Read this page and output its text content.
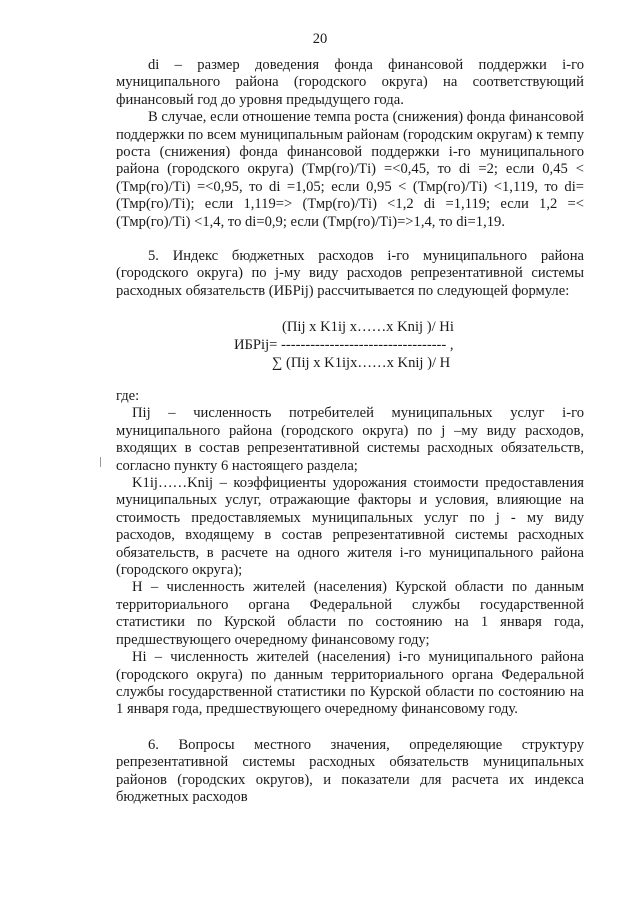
20

di – размер доведения фонда финансовой поддержки i-го муниципального района (городского округа) на соответствующий финансовый год до уровня предыдущего года.

В случае, если отношение темпа роста (снижения) фонда финансовой поддержки по всем муниципальным районам (городским округам) к темпу роста (снижения) фонда финансовой поддержки i-го муниципального района (городского округа) (Тмр(го)/Тi) =<0,45, то di =2; если 0,45 < (Тмр(го)/Тi) =<0,95, то di =1,05; если 0,95 < (Тмр(го)/Тi) <1,119, то di=(Тмр(го)/Тi); если 1,119=> (Тмр(го)/Тi) <1,2 di =1,119; если 1,2 =< (Тмр(го)/Тi) <1,4, то di=0,9; если (Тмр(го)/Тi)=>1,4, то di=1,19.

5. Индекс бюджетных расходов i-го муниципального района (городского округа) по j-му виду расходов репрезентативной системы расходных обязательств (ИБРij) рассчитывается по следующей формуле:

(Пij x K1ij x……x Knij )/ Hi
ИБРij= ---------------------------------- ,
∑ (Пij x K1ijx……x Knij )/ H

где:

Пij – численность потребителей муниципальных услуг i-го муниципального района (городского округа) по j –му виду расходов, входящих в состав репрезентативной системы расходных обязательств, согласно пункту 6 настоящего раздела;

K1ij……Knij – коэффициенты удорожания стоимости предоставления муниципальных услуг, отражающие факторы и условия, влияющие на стоимость предоставляемых муниципальных услуг по j - му виду расходов, входящему в состав репрезентативной системы расходных обязательств, в расчете на одного жителя i-го муниципального района (городского округа);

Н – численность жителей (населения) Курской области по данным территориального органа Федеральной службы государственной статистики по Курской области по состоянию на 1 января года, предшествующего очередному финансовому году;

Нi – численность жителей (населения) i-го муниципального района (городского округа) по данным территориального органа Федеральной службы государственной статистики по Курской области по состоянию на 1 января года, предшествующего очередному финансовому году.

6. Вопросы местного значения, определяющие структуру репрезентативной системы расходных обязательств муниципальных районов (городских округов), и показатели для расчета их индекса бюджетных расходов
